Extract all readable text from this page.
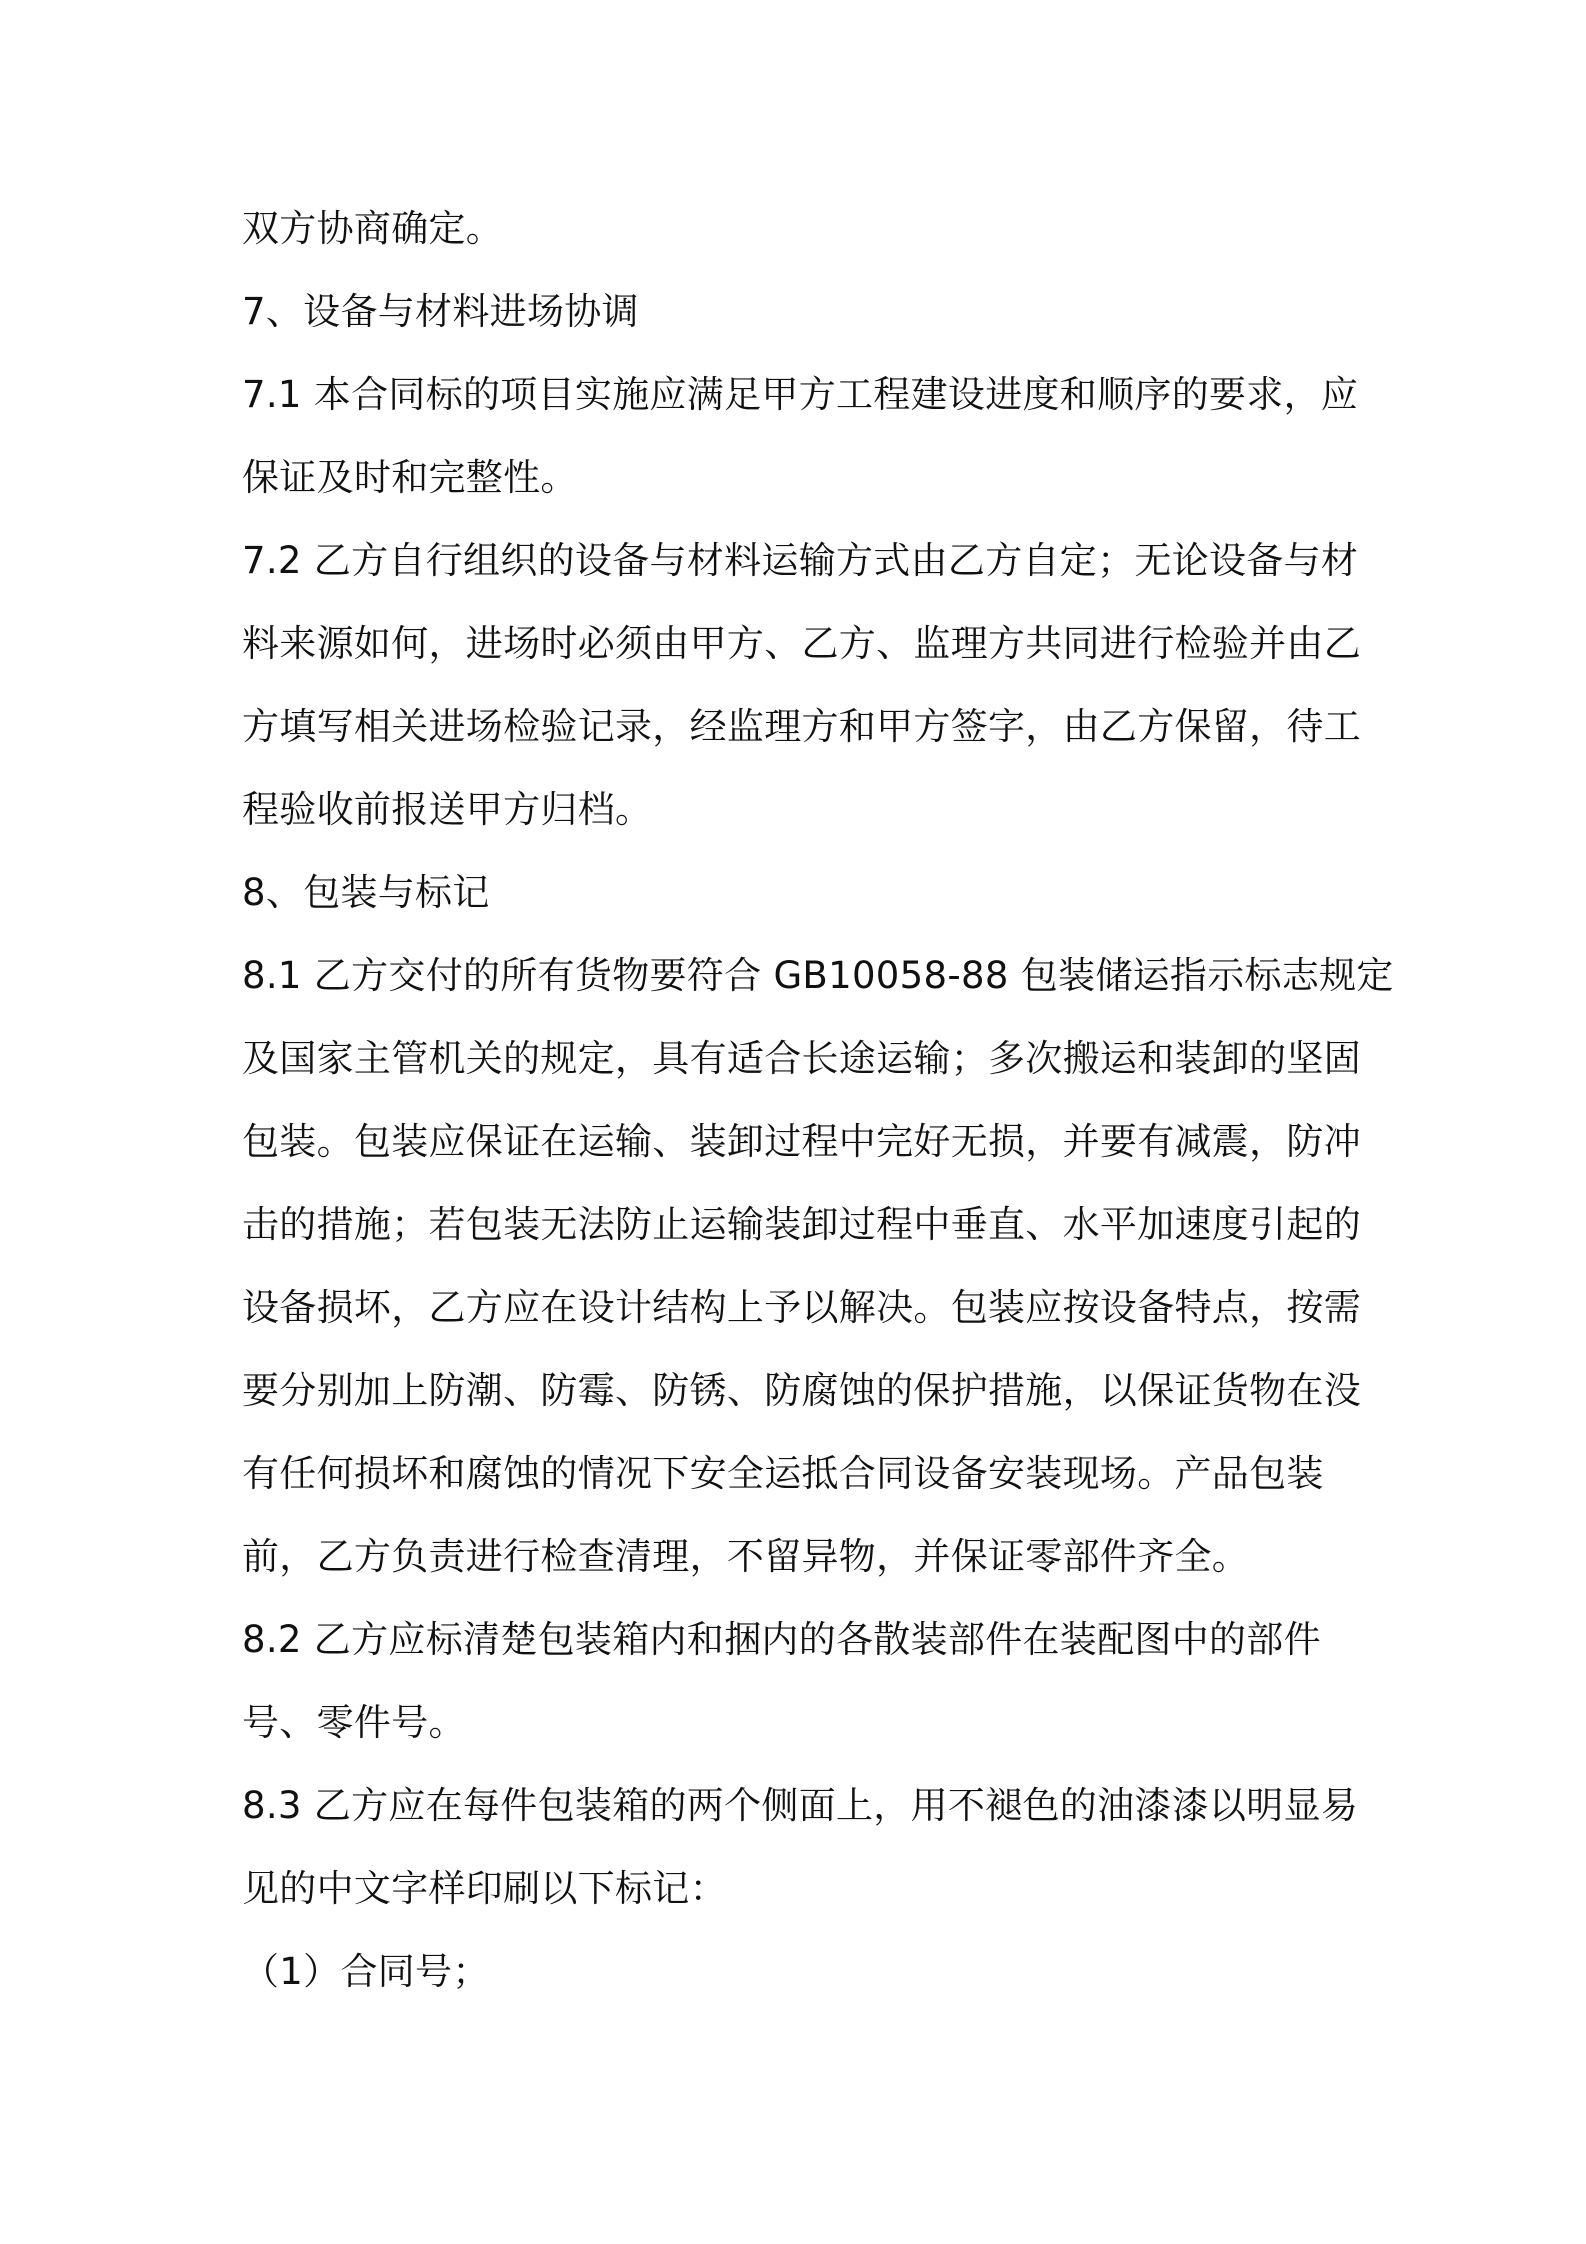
双方协商确定。
7、设备与材料进场协调
7.1 本合同标的项目实施应满足甲方工程建设进度和顺序的要求，应
保证及时和完整性。
7.2 乙方自行组织的设备与材料运输方式由乙方自定；无论设备与材
料来源如何，进场时必须由甲方、乙方、监理方共同进行检验并由乙
方填写相关进场检验记录，经监理方和甲方签字，由乙方保留，待工
程验收前报送甲方归档。
8、包装与标记
8.1 乙方交付的所有货物要符合 GB10058-88 包装储运指示标志规定
及国家主管机关的规定，具有适合长途运输；多次搬运和装卸的坚固
包装。包装应保证在运输、装卸过程中完好无损，并要有减震，防冲
击的措施；若包装无法防止运输装卸过程中垂直、水平加速度引起的
设备损坏，乙方应在设计结构上予以解决。包装应按设备特点，按需
要分别加上防潮、防霉、防锈、防腐蚀的保护措施，以保证货物在没
有任何损坏和腐蚀的情况下安全运抵合同设备安装现场。产品包装
前，乙方负责进行检查清理，不留异物，并保证零部件齐全。
8.2 乙方应标清楚包装箱内和捆内的各散装部件在装配图中的部件
号、零件号。
8.3 乙方应在每件包装箱的两个侧面上，用不褪色的油漆漆以明显易
见的中文字样印刷以下标记：
（1）合同号；
